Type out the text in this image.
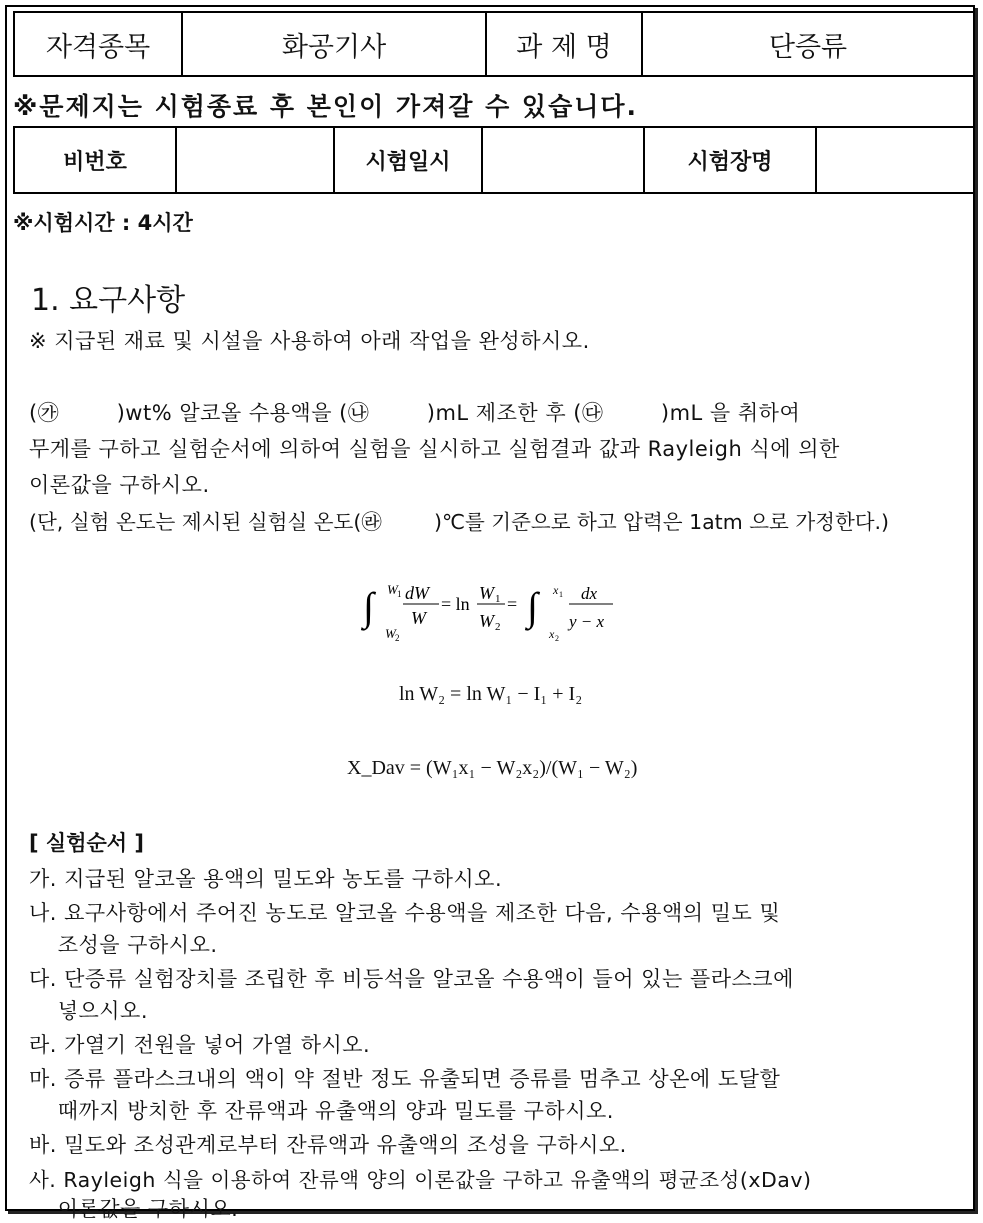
자격종목	화공기사	과 제 명	단증류
※문제지는 시험종료 후 본인이 가져갈 수 있습니다.
비번호		시험일시		시험장명	
※시험시간 : 4시간
1. 요구사항
※ 지급된 재료 및 시설을 사용하여 아래 작업을 완성하시오.
(㉮        )wt% 알코올 수용액을 (㉯        )mL 제조한 후 (㉰        )mL 을 취하여
무게를 구하고 실험순서에 의하여 실험을 실시하고 실험결과 값과 Rayleigh 식에 의한
이론값을 구하시오.
(단, 실험 온도는 제시된 실험실 온도(㉱        )℃를 기준으로 하고 압력은 1atm 으로 가정한다.)
∫ W 1
W 2
dW
W
= ln
W 1
W 2
= ∫ x 1
x 2
dx
y − x
ln W₂ = ln W₁ − I₁ + I₂
X_Dav = (W₁x₁ − W₂x₂)/(W₁ − W₂)
[ 실험순서 ]
가. 지급된 알코올 용액의 밀도와 농도를 구하시오.
나. 요구사항에서 주어진 농도로 알코올 수용액을 제조한 다음, 수용액의 밀도 및
조성을 구하시오.
다. 단증류 실험장치를 조립한 후 비등석을 알코올 수용액이 들어 있는 플라스크에
넣으시오.
라. 가열기 전원을 넣어 가열 하시오.
마. 증류 플라스크내의 액이 약 절반 정도 유출되면 증류를 멈추고 상온에 도달할
때까지 방치한 후 잔류액과 유출액의 양과 밀도를 구하시오.
바. 밀도와 조성관계로부터 잔류액과 유출액의 조성을 구하시오.
사. Rayleigh 식을 이용하여 잔류액 양의 이론값을 구하고 유출액의 평균조성(xDav)
이론값을 구하시오.
